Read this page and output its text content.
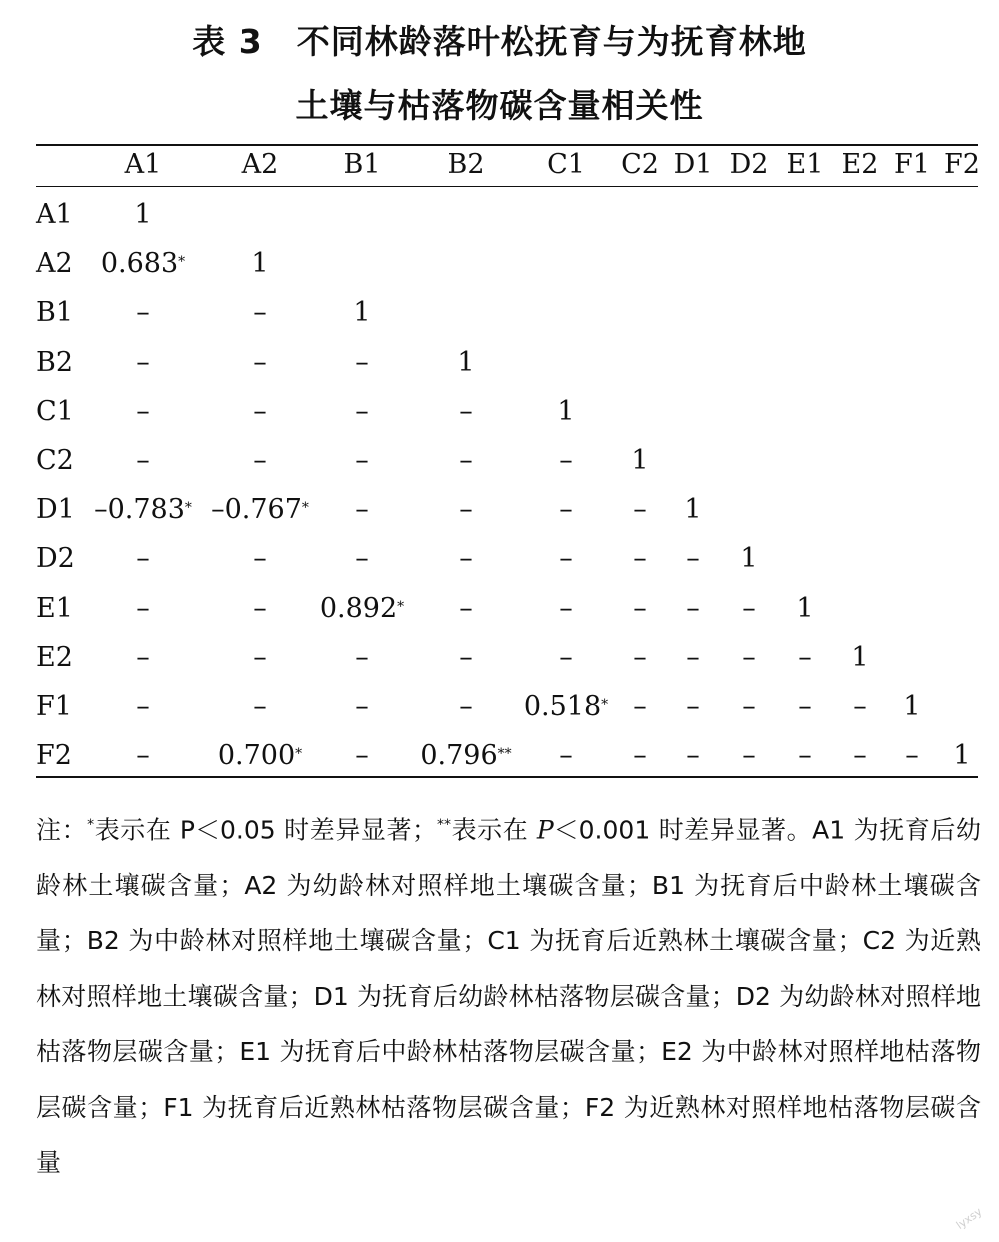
表 3　不同林龄落叶松抚育与为抚育林地
土壤与枯落物碳含量相关性
A1	A2 B1 B2 C1 C2 D1 D2 E1 E2 F1 F2
A1 1
A2 0.683* 1
B1 –	–	1
B2 –	–	–	1
C1 –	–	–	–	1
C2 –	–	–	–	– 1
D1 –0.783* –0.767* –	–	– – 1
D2 –	–	–	–	– – – 1
E1 –	– 0.892* –	– – – – 1
E2 –	–	–	–	– – – – – 1
F1 –	–	–	– 0.518* – – – – – 1
F2 –	0.700* – 0.796** – – – – – – – 1
注：*表示在 P＜0.05 时差异显著；**表示在 P＜0.001 时差异显著。A1 为抚育后幼龄林土壤碳含量；A2 为幼龄林对照样地土壤碳含量；B1 为抚育后中龄林土壤碳含量；B2 为中龄林对照样地土壤碳含量；C1 为抚育后近熟林土壤碳含量；C2 为近熟林对照样地土壤碳含量；D1 为抚育后幼龄林枯落物层碳含量；D2 为幼龄林对照样地枯落物层碳含量；E1 为抚育后中龄林枯落物层碳含量；E2 为中龄林对照样地枯落物层碳含量；F1 为抚育后近熟林枯落物层碳含量；F2 为近熟林对照样地枯落物层碳含量
lyxsy
